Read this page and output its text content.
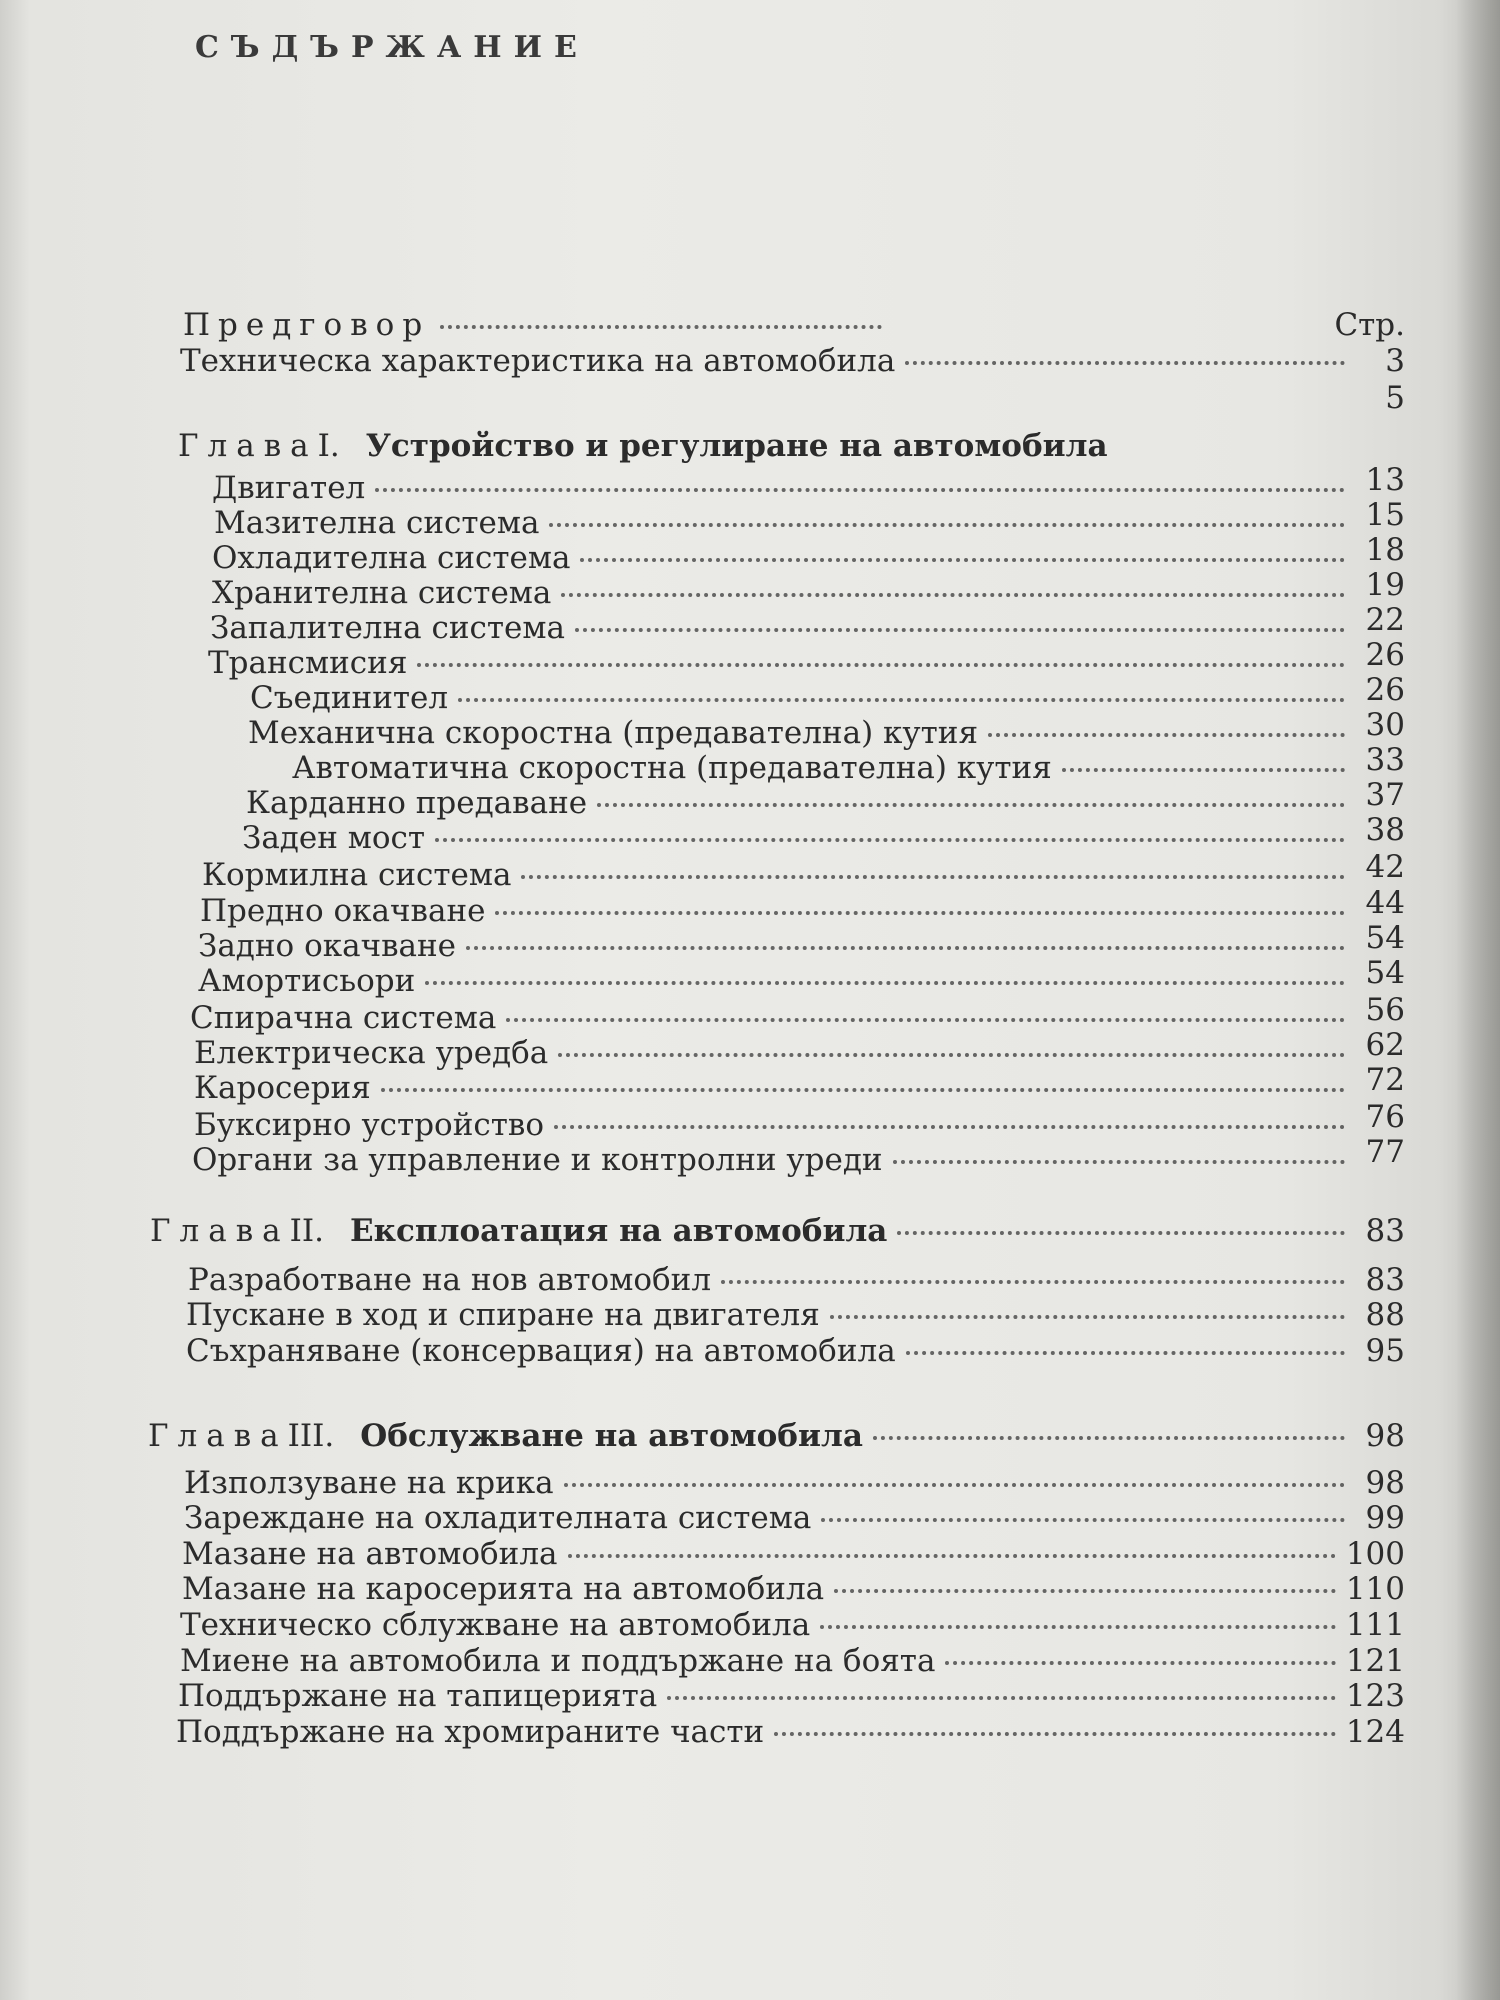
СЪДЪРЖАНИЕ
Предговор	Стр.
Техническа характеристика на автомобила	3
5
Глава I. Устройство и регулиране на автомобила
Двигател	13
Мазителна система	15
Охладителна система	18
Хранителна система	19
Запалителна система	22
Трансмисия	26
Съединител	26
Механична скоростна (предавателна) кутия	30
Автоматична скоростна (предавателна) кутия	33
Карданно предаване	37
Заден мост	38
Кормилна система	42
Предно окачване	44
Задно окачване	54
Амортисьори	54
Спирачна система	56
Електрическа уредба	62
Каросерия	72
Буксирно устройство	76
Органи за управление и контролни уреди	77
Глава II. Експлоатация на автомобила	83
Разработване на нов автомобил	83
Пускане в ход и спиране на двигателя	88
Съхраняване (консервация) на автомобила	95
Глава III. Обслужване на автомобила	98
Използуване на крика	98
Зареждане на охладителната система	99
Мазане на автомобила	100
Мазане на каросерията на автомобила	110
Техническо сблужване на автомобила	111
Миене на автомобила и поддържане на боята	121
Поддържане на тапицерията	123
Поддържане на хромираните части	124
